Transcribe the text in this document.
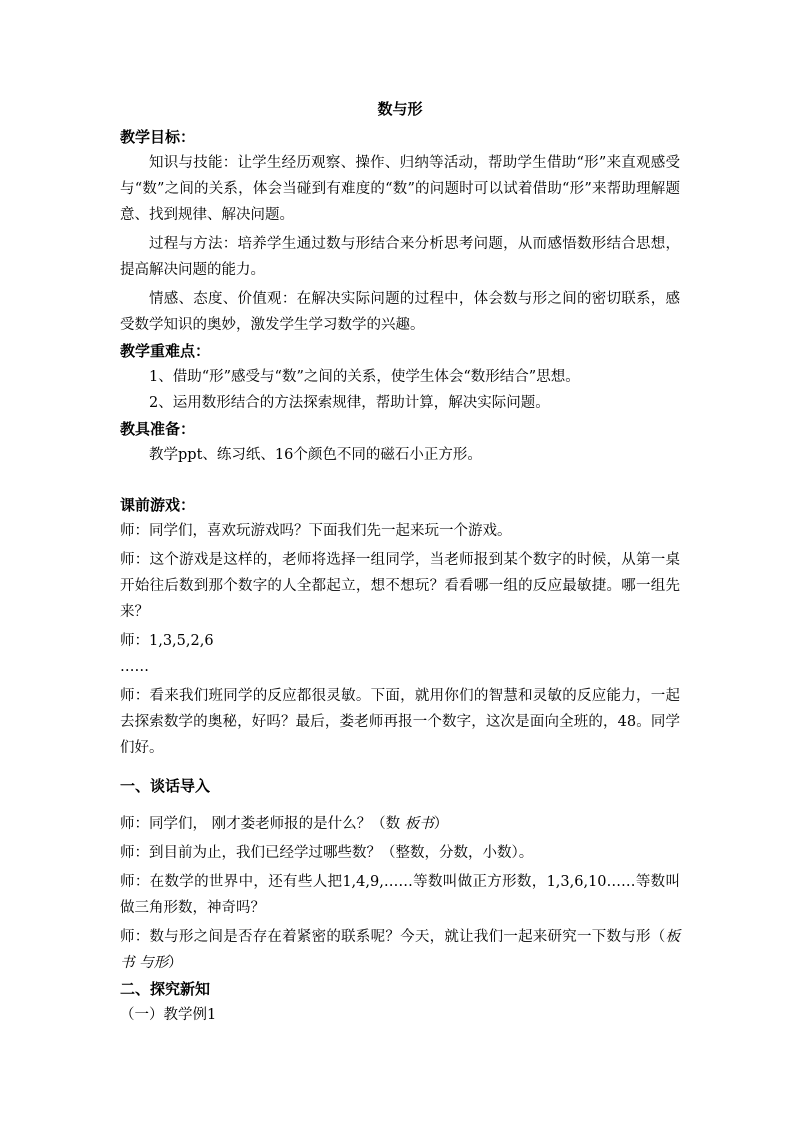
数与形
教学目标：

知识与技能：让学生经历观察、操作、归纳等活动，帮助学生借助“形”来直观感受与“数”之间的关系，体会当碰到有难度的“数”的问题时可以试着借助“形”来帮助理解题意、找到规律、解决问题。

过程与方法：培养学生通过数与形结合来分析思考问题，从而感悟数形结合思想，提高解决问题的能力。

情感、态度、价值观：在解决实际问题的过程中，体会数与形之间的密切联系，感受数学知识的奥妙，激发学生学习数学的兴趣。

教学重难点：

1、借助“形”感受与“数”之间的关系，使学生体会“数形结合”思想。

2、运用数形结合的方法探索规律，帮助计算，解决实际问题。

教具准备：

教学ppt、练习纸、16个颜色不同的磁石小正方形。

课前游戏：

师：同学们，喜欢玩游戏吗？下面我们先一起来玩一个游戏。

师：这个游戏是这样的，老师将选择一组同学，当老师报到某个数字的时候，从第一桌开始往后数到那个数字的人全都起立，想不想玩？看看哪一组的反应最敏捷。哪一组先来？

师：1,3,5,2,6

……

师：看来我们班同学的反应都很灵敏。下面，就用你们的智慧和灵敏的反应能力，一起去探索数学的奥秘，好吗？最后，娄老师再报一个数字，这次是面向全班的，48。同学们好。

一、谈话导入

师：同学们， 刚才娄老师报的是什么？（数 板书）

师：到目前为止，我们已经学过哪些数？（整数，分数，小数）。

师：在数学的世界中，还有些人把1,4,9,……等数叫做正方形数，1,3,6,10……等数叫做三角形数，神奇吗？

师：数与形之间是否存在着紧密的联系呢？今天，就让我们一起来研究一下数与形（板书 与形）

二、探究新知

（一）教学例1
